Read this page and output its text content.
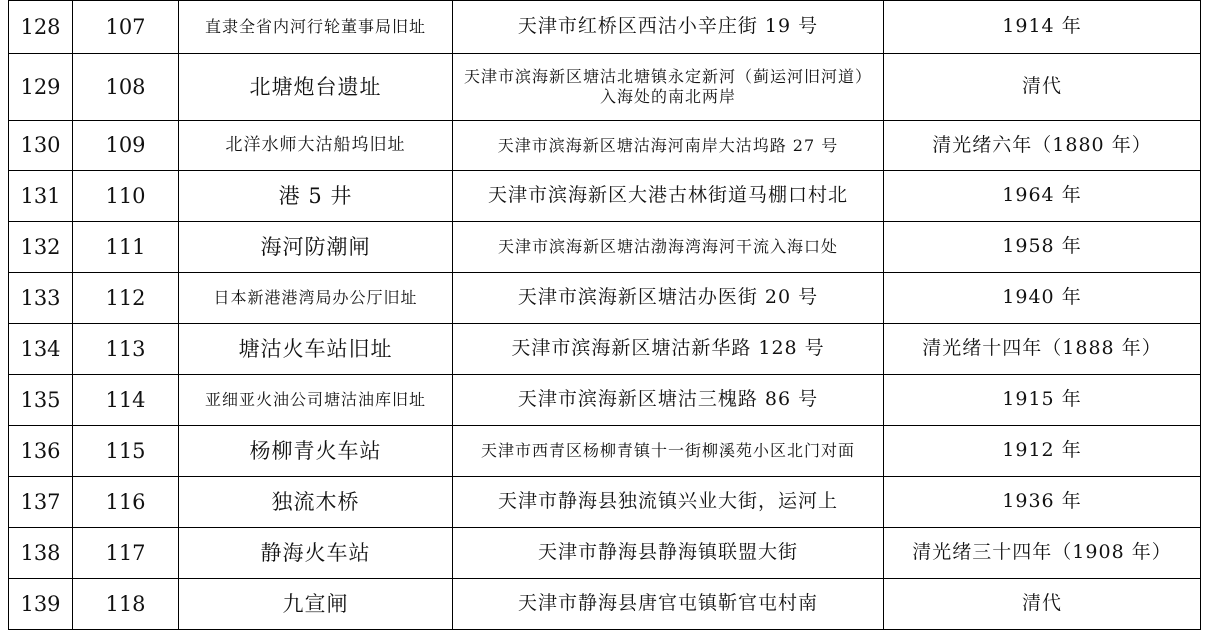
128	107	直隶全省内河行轮董事局旧址	天津市红桥区西沽小辛庄街 19 号	1914 年
129	108	北塘炮台遗址	天津市滨海新区塘沽北塘镇永定新河（蓟运河旧河道）入海处的南北两岸	清代
130	109	北洋水师大沽船坞旧址	天津市滨海新区塘沽海河南岸大沽坞路 27 号	清光绪六年（1880 年）
131	110	港 5 井	天津市滨海新区大港古林街道马棚口村北	1964 年
132	111	海河防潮闸	天津市滨海新区塘沽渤海湾海河干流入海口处	1958 年
133	112	日本新港港湾局办公厅旧址	天津市滨海新区塘沽办医街 20 号	1940 年
134	113	塘沽火车站旧址	天津市滨海新区塘沽新华路 128 号	清光绪十四年（1888 年）
135	114	亚细亚火油公司塘沽油库旧址	天津市滨海新区塘沽三槐路 86 号	1915 年
136	115	杨柳青火车站	天津市西青区杨柳青镇十一街柳溪苑小区北门对面	1912 年
137	116	独流木桥	天津市静海县独流镇兴业大街，运河上	1936 年
138	117	静海火车站	天津市静海县静海镇联盟大街	清光绪三十四年（1908 年）
139	118	九宣闸	天津市静海县唐官屯镇靳官屯村南	清代
